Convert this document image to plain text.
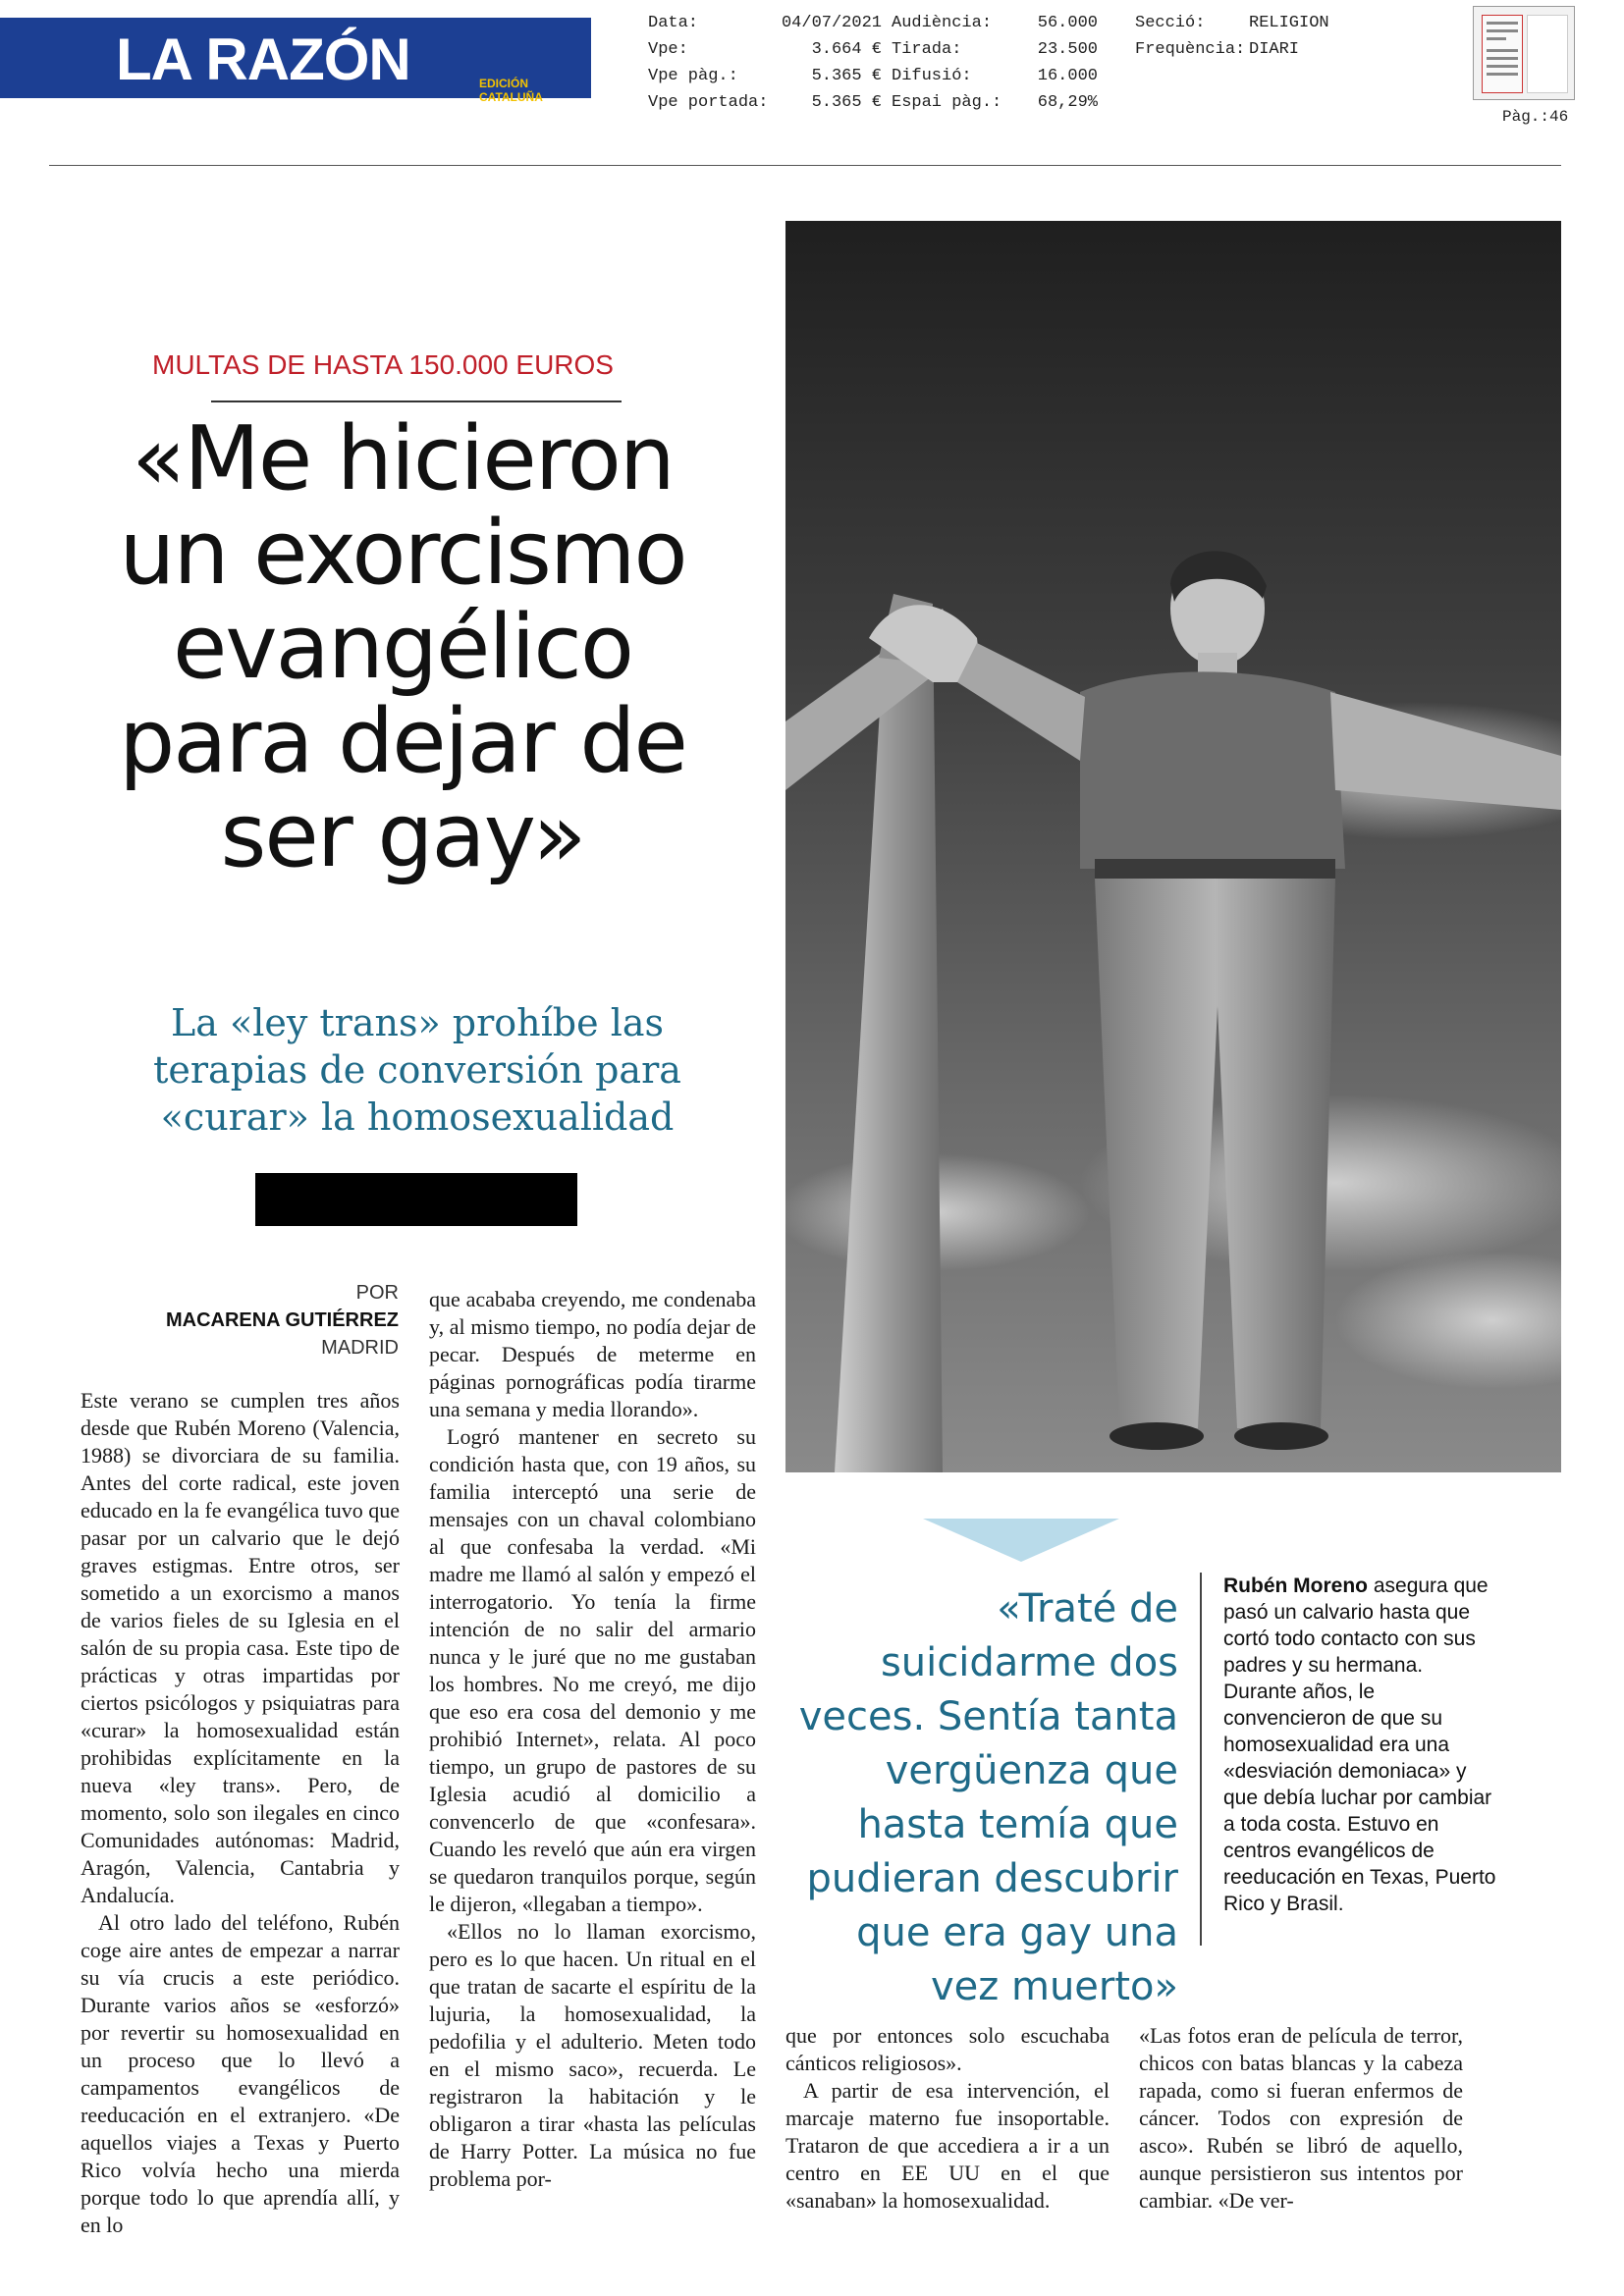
LA RAZÓN	EDICIÓN CATALUÑA
Data:	04/07/2021 Audiència:	56.000 Secció:	RELIGION
Vpe:	3.664 € Tirada:	23.500 Frequència: DIARI
Vpe pàg.:	5.365 € Difusió:	16.000
Vpe portada:	5.365 € Espai pàg.:	68,29%
Pàg.:46
MULTAS DE HASTA 150.000 EUROS
«Me hicieron un exorcismo evangélico para dejar de ser gay»
La «ley trans» prohíbe las terapias de conversión para «curar» la homosexualidad
POR
MACARENA GUTIÉRREZ
MADRID

Este verano se cumplen tres años desde que Rubén Moreno (Valencia, 1988) se divorciara de su familia. Antes del corte radical, este joven educado en la fe evangélica tuvo que pasar por un calvario que le dejó graves estigmas. Entre otros, ser sometido a un exorcismo a manos de varios fieles de su Iglesia en el salón de su propia casa. Este tipo de prácticas y otras impartidas por ciertos psicólogos y psiquiatras para «curar» la homosexualidad están prohibidas explícitamente en la nueva «ley trans». Pero, de momento, solo son ilegales en cinco Comunidades autónomas: Madrid, Aragón, Valencia, Cantabria y Andalucía.

Al otro lado del teléfono, Rubén coge aire antes de empezar a narrar su vía crucis a este periódico. Durante varios años se «esforzó» por revertir su homosexualidad en un proceso que lo llevó a campamentos evangélicos de reeducación en el extranjero. «De aquellos viajes a Texas y Puerto Rico volvía hecho una mierda porque todo lo que aprendía allí, y en lo

que acababa creyendo, me condenaba y, al mismo tiempo, no podía dejar de pecar. Después de meterme en páginas pornográficas podía tirarme una semana y media llorando».

Logró mantener en secreto su condición hasta que, con 19 años, su familia interceptó una serie de mensajes con un chaval colombiano al que confesaba la verdad. «Mi madre me llamó al salón y empezó el interrogatorio. Yo tenía la firme intención de no salir del armario nunca y le juré que no me gustaban los hombres. No me creyó, me dijo que eso era cosa del demonio y me prohibió Internet», relata. Al poco tiempo, un grupo de pastores de su Iglesia acudió al domicilio a convencerlo de que «confesara». Cuando les reveló que aún era virgen se quedaron tranquilos porque, según le dijeron, «llegaban a tiempo».

«Ellos no lo llaman exorcismo, pero es lo que hacen. Un ritual en el que tratan de sacarte el espíritu de la lujuria, la homosexualidad, la pedofilia y el adulterio. Meten todo en el mismo saco», recuerda. Le registraron la habitación y le obligaron a tirar «hasta las películas de Harry Potter. La música no fue problema por-

que por entonces solo escuchaba cánticos religiosos».

A partir de esa intervención, el marcaje materno fue insoportable. Trataron de que accediera a ir a un centro en EE UU en el que «sanaban» la homosexualidad.

«Las fotos eran de película de terror, chicos con batas blancas y la cabeza rapada, como si fueran enfermos de cáncer. Todos con expresión de asco». Rubén se libró de aquello, aunque persistieron sus intentos por cambiar. «De ver-

«Traté de suicidarme dos veces. Sentía tanta vergüenza que hasta temía que pudieran descubrir que era gay una vez muerto»
Rubén Moreno asegura que pasó un calvario hasta que cortó todo contacto con sus padres y su hermana. Durante años, le convencieron de que su homosexualidad era una «desviación demoniaca» y que debía luchar por cambiar a toda costa. Estuvo en centros evangélicos de reeducación en Texas, Puerto Rico y Brasil.
